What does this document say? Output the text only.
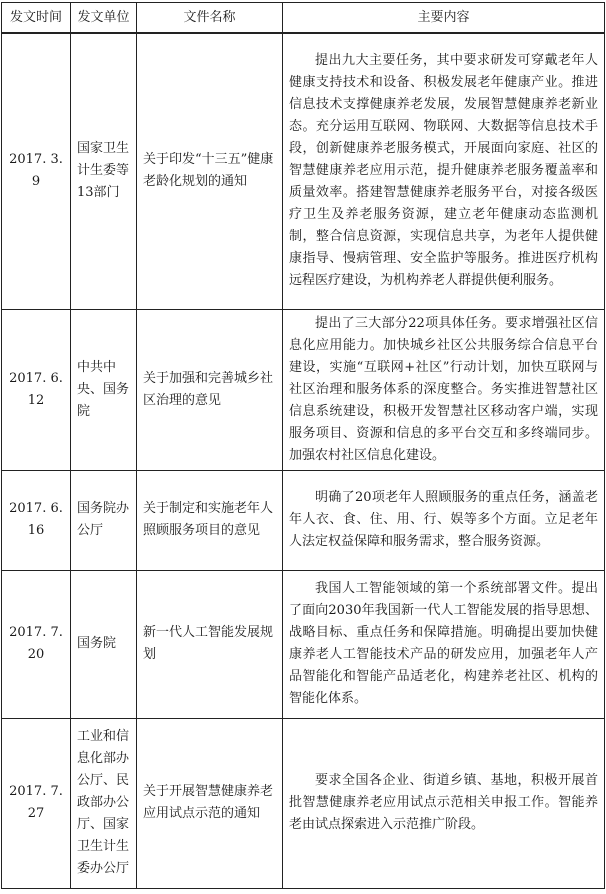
发文时间	发文单位	文件名称	主要内容
2017. 3. 9	国家卫生计生委等13部门	关于印发“十三五”健康老龄化规划的通知	提出九大主要任务，其中要求研发可穿戴老年人健康支持技术和设备、积极发展老年健康产业。推进信息技术支撑健康养老发展，发展智慧健康养老新业态。充分运用互联网、物联网、大数据等信息技术手段，创新健康养老服务模式，开展面向家庭、社区的智慧健康养老应用示范，提升健康养老服务覆盖率和质量效率。搭建智慧健康养老服务平台，对接各级医疗卫生及养老服务资源，建立老年健康动态监测机制，整合信息资源，实现信息共享，为老年人提供健康指导、慢病管理、安全监护等服务。推进医疗机构远程医疗建设，为机构养老人群提供便利服务。
2017. 6. 12	中共中央、国务院	关于加强和完善城乡社区治理的意见	提出了三大部分22项具体任务。要求增强社区信息化应用能力。加快城乡社区公共服务综合信息平台建设，实施“互联网+社区”行动计划，加快互联网与社区治理和服务体系的深度整合。务实推进智慧社区信息系统建设，积极开发智慧社区移动客户端，实现服务项目、资源和信息的多平台交互和多终端同步。加强农村社区信息化建设。
2017. 6. 16	国务院办公厅	关于制定和实施老年人照顾服务项目的意见	明确了20项老年人照顾服务的重点任务，涵盖老年人衣、食、住、用、行、娱等多个方面。立足老年人法定权益保障和服务需求，整合服务资源。
2017. 7. 20	国务院	新一代人工智能发展规划	我国人工智能领域的第一个系统部署文件。提出了面向2030年我国新一代人工智能发展的指导思想、战略目标、重点任务和保障措施。明确提出要加快健康养老人工智能技术产品的研发应用，加强老年人产品智能化和智能产品适老化，构建养老社区、机构的智能化体系。
2017. 7. 27	工业和信息化部办公厅、民政部办公厅、国家卫生计生委办公厅	关于开展智慧健康养老应用试点示范的通知	要求全国各企业、街道乡镇、基地，积极开展首批智慧健康养老应用试点示范相关申报工作。智能养老由试点探索进入示范推广阶段。
